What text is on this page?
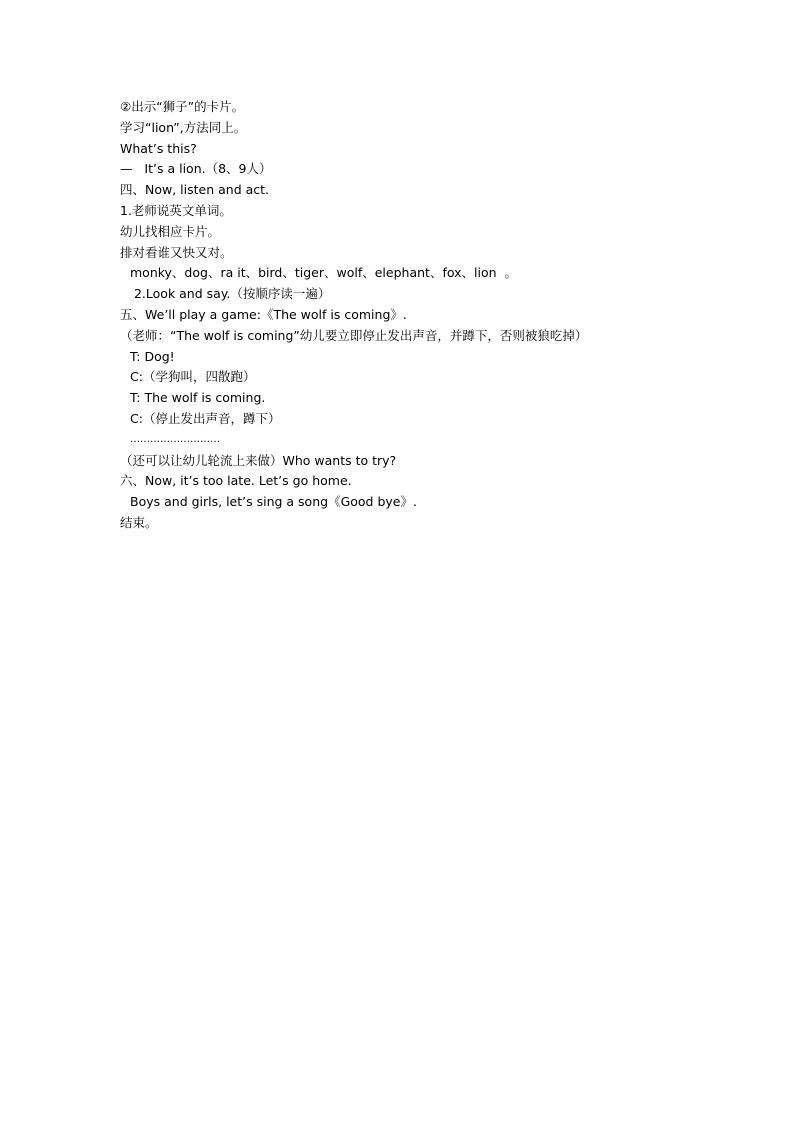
②出示“狮子”的卡片。
学习“lion”,方法同上。
What’s this?
—   It’s a lion.（8、9人）
四、Now, listen and act.
1.老师说英文单词。
幼儿找相应卡片。
排对看谁又快又对。
monky、dog、ra it、bird、tiger、wolf、elephant、fox、lion  。
2.Look and say.（按顺序读一遍）
五、We’ll play a game:《The wolf is coming》.
（老师：“The wolf is coming”幼儿要立即停止发出声音，并蹲下，否则被狼吃掉）
T: Dog!
C:（学狗叫，四散跑）
T: The wolf is coming.
C:（停止发出声音，蹲下）
………………………
（还可以让幼儿轮流上来做）Who wants to try?
六、Now, it’s too late. Let’s go home.
Boys and girls, let’s sing a song《Good bye》.
结束。
